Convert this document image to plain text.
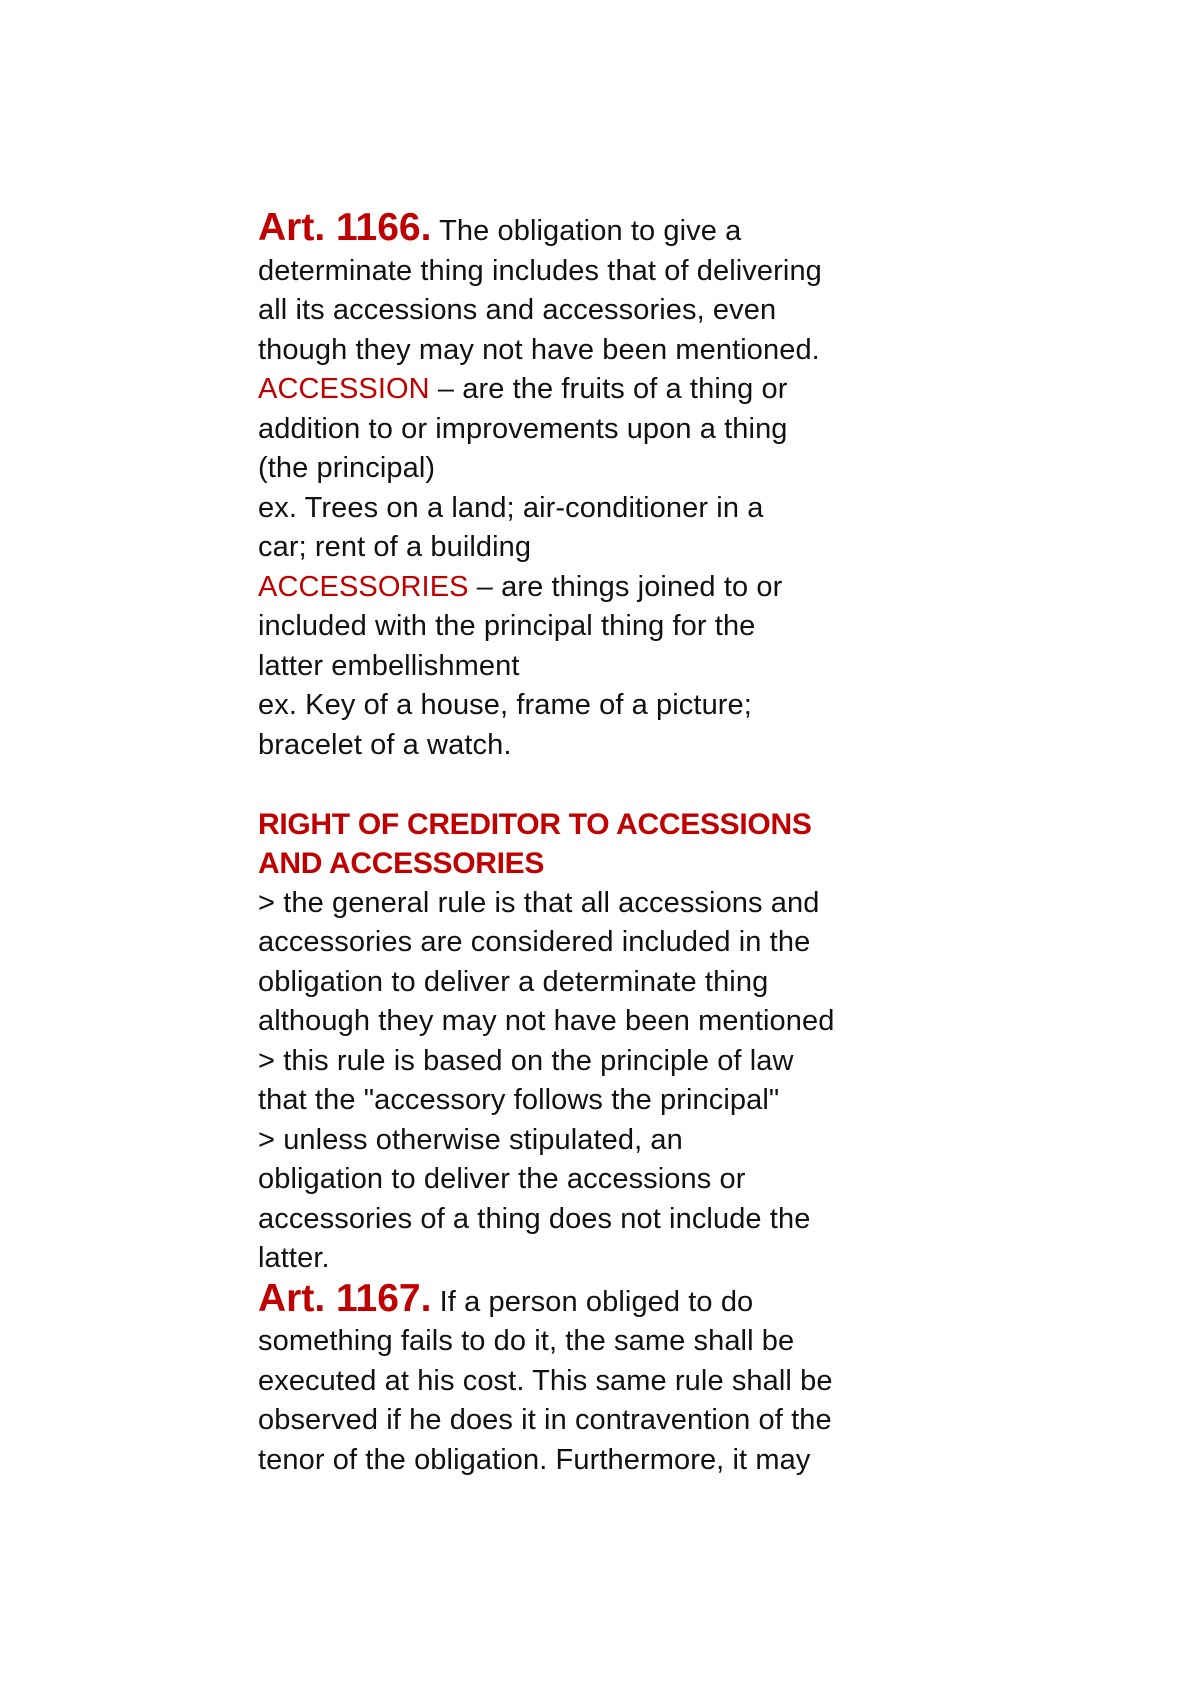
Art. 1166. The obligation to give a
determinate thing includes that of delivering
all its accessions and accessories, even
though they may not have been mentioned.
ACCESSION – are the fruits of a thing or
addition to or improvements upon a thing
(the principal)
ex. Trees on a land; air-conditioner in a
car; rent of a building
ACCESSORIES – are things joined to or
included with the principal thing for the
latter embellishment
ex. Key of a house, frame of a picture;
bracelet of a watch.
RIGHT OF CREDITOR TO ACCESSIONS
AND ACCESSORIES
> the general rule is that all accessions and
accessories are considered included in the
obligation to deliver a determinate thing
although they may not have been mentioned
> this rule is based on the principle of law
that the "accessory follows the principal"
> unless otherwise stipulated, an
obligation to deliver the accessions or
accessories of a thing does not include the
latter.
Art. 1167. If a person obliged to do
something fails to do it, the same shall be
executed at his cost. This same rule shall be
observed if he does it in contravention of the
tenor of the obligation. Furthermore, it may
